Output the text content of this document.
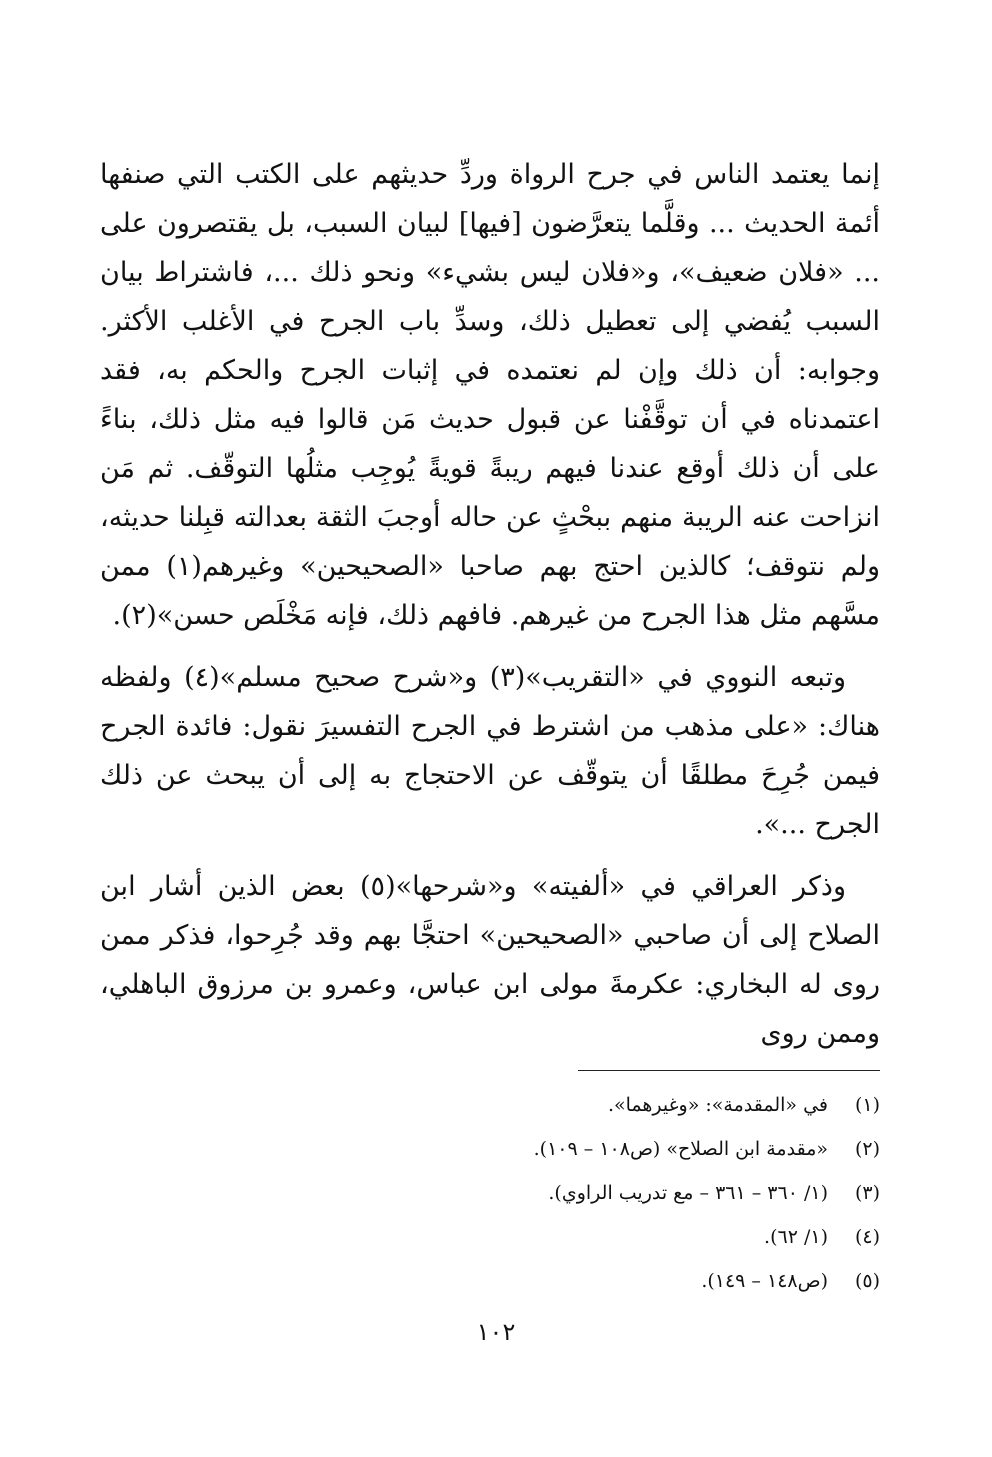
إنما يعتمد الناس في جرح الرواة وردِّ حديثهم على الكتب التي صنفها أئمة الحديث ... وقلَّما يتعرَّضون [فيها] لبيان السبب، بل يقتصرون على ... «فلان ضعيف»، و«فلان ليس بشيء» ونحو ذلك ...، فاشتراط بيان السبب يُفضي إلى تعطيل ذلك، وسدِّ باب الجرح في الأغلب الأكثر. وجوابه: أن ذلك وإن لم نعتمده في إثبات الجرح والحكم به، فقد اعتمدناه في أن توقَّفْنا عن قبول حديث مَن قالوا فيه مثل ذلك، بناءً على أن ذلك أوقع عندنا فيهم ريبةً قويةً يُوجِب مثلُها التوقّف. ثم مَن انزاحت عنه الريبة منهم ببحْثٍ عن حاله أوجبَ الثقة بعدالته قبِلنا حديثه، ولم نتوقف؛ كالذين احتج بهم صاحبا «الصحيحين» وغيرهم(١) ممن مسَّهم مثل هذا الجرح من غيرهم. فافهم ذلك، فإنه مَخْلَص حسن»(٢).

وتبعه النووي في «التقريب»(٣) و«شرح صحيح مسلم»(٤) ولفظه هناك: «على مذهب من اشترط في الجرح التفسيرَ نقول: فائدة الجرح فيمن جُرِحَ مطلقًا أن يتوقّف عن الاحتجاج به إلى أن يبحث عن ذلك الجرح ...».

وذكر العراقي في «ألفيته» و«شرحها»(٥) بعض الذين أشار ابن الصلاح إلى أن صاحبي «الصحيحين» احتجَّا بهم وقد جُرِحوا، فذكر ممن روى له البخاري: عكرمةَ مولى ابن عباس، وعمرو بن مرزوق الباهلي، وممن روى

(١)
في «المقدمة»: «وغيرهما».
(٢)
«مقدمة ابن الصلاح» (ص١٠٨ – ١٠٩).
(٣)
(١/ ٣٦٠ – ٣٦١ – مع تدريب الراوي).
(٤)
(١/ ٦٢).
(٥)
(ص١٤٨ – ١٤٩).
١٠٢
